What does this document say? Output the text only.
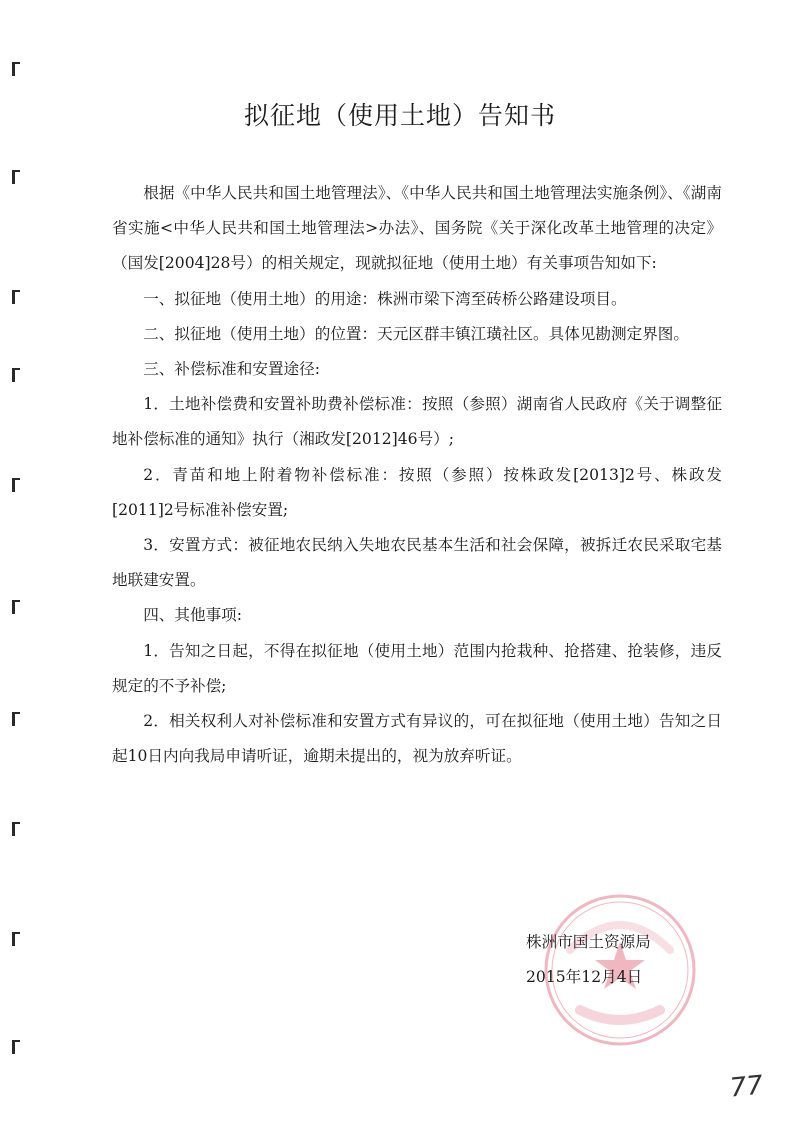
拟征地（使用土地）告知书

根据《中华人民共和国土地管理法》、《中华人民共和国土地管理法实施条例》、《湖南省实施<中华人民共和国土地管理法>办法》、国务院《关于深化改革土地管理的决定》（国发[2004]28号）的相关规定，现就拟征地（使用土地）有关事项告知如下:

一、拟征地（使用土地）的用途：株洲市梁下湾至砖桥公路建设项目。

二、拟征地（使用土地）的位置：天元区群丰镇江璜社区。具体见勘测定界图。

三、补偿标准和安置途径:

1．土地补偿费和安置补助费补偿标准：按照（参照）湖南省人民政府《关于调整征地补偿标准的通知》执行（湘政发[2012]46号）;

2．青苗和地上附着物补偿标准：按照（参照）按株政发[2013]2号、株政发[2011]2号标准补偿安置;

3．安置方式：被征地农民纳入失地农民基本生活和社会保障，被拆迁农民采取宅基地联建安置。

四、其他事项:

1．告知之日起，不得在拟征地（使用土地）范围内抢栽种、抢搭建、抢装修，违反规定的不予补偿;

2．相关权利人对补偿标准和安置方式有异议的，可在拟征地（使用土地）告知之日起10日内向我局申请听证，逾期未提出的，视为放弃听证。

株洲市国土资源局
2015年12月4日
77
